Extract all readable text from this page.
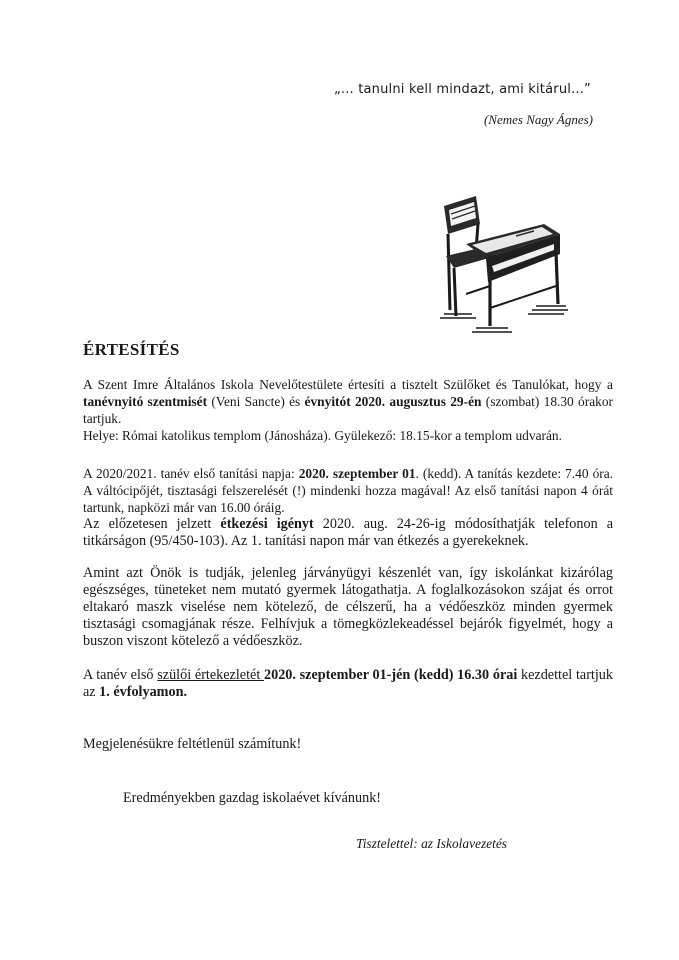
„... tanulni kell mindazt, ami kitárul...”
(Nemes Nagy Ágnes)
ÉRTESÍTÉS

A Szent Imre Általános Iskola Nevelőtestülete értesíti a tisztelt Szülőket és Tanulókat, hogy a tanévnyitó szentmisét (Veni Sancte) és évnyitót 2020. augusztus 29-én (szombat) 18.30 órakor tartjuk.

Helye: Római katolikus templom (Jánosháza). Gyülekező: 18.15-kor a templom udvarán.

A 2020/2021. tanév első tanítási napja: 2020. szeptember 01. (kedd). A tanítás kezdete: 7.40 óra. A váltócipőjét, tisztasági felszerelését (!) mindenki hozza magával! Az első tanítási napon 4 órát tartunk, napközi már van 16.00 óráig.

Az előzetesen jelzett étkezési igényt 2020. aug. 24-26-ig módosíthatják telefonon a titkárságon (95/450-103). Az 1. tanítási napon már van étkezés a gyerekeknek.

Amint azt Önök is tudják, jelenleg járványügyi készenlét van, így iskolánkat kizárólag egészséges, tüneteket nem mutató gyermek látogathatja. A foglalkozásokon szájat és orrot eltakaró maszk viselése nem kötelező, de célszerű, ha a védőeszköz minden gyermek tisztasági csomagjának része. Felhívjuk a tömegközlekeadéssel bejárók figyelmét, hogy a buszon viszont kötelező a védőeszköz.

A tanév első szülői értekezletét 2020. szeptember 01-jén (kedd) 16.30 órai kezdettel tartjuk az 1. évfolyamon.

Megjelenésükre feltétlenül számítunk!
Eredményekben gazdag iskolaévet kívánunk!
Tisztelettel: az Iskolavezetés
